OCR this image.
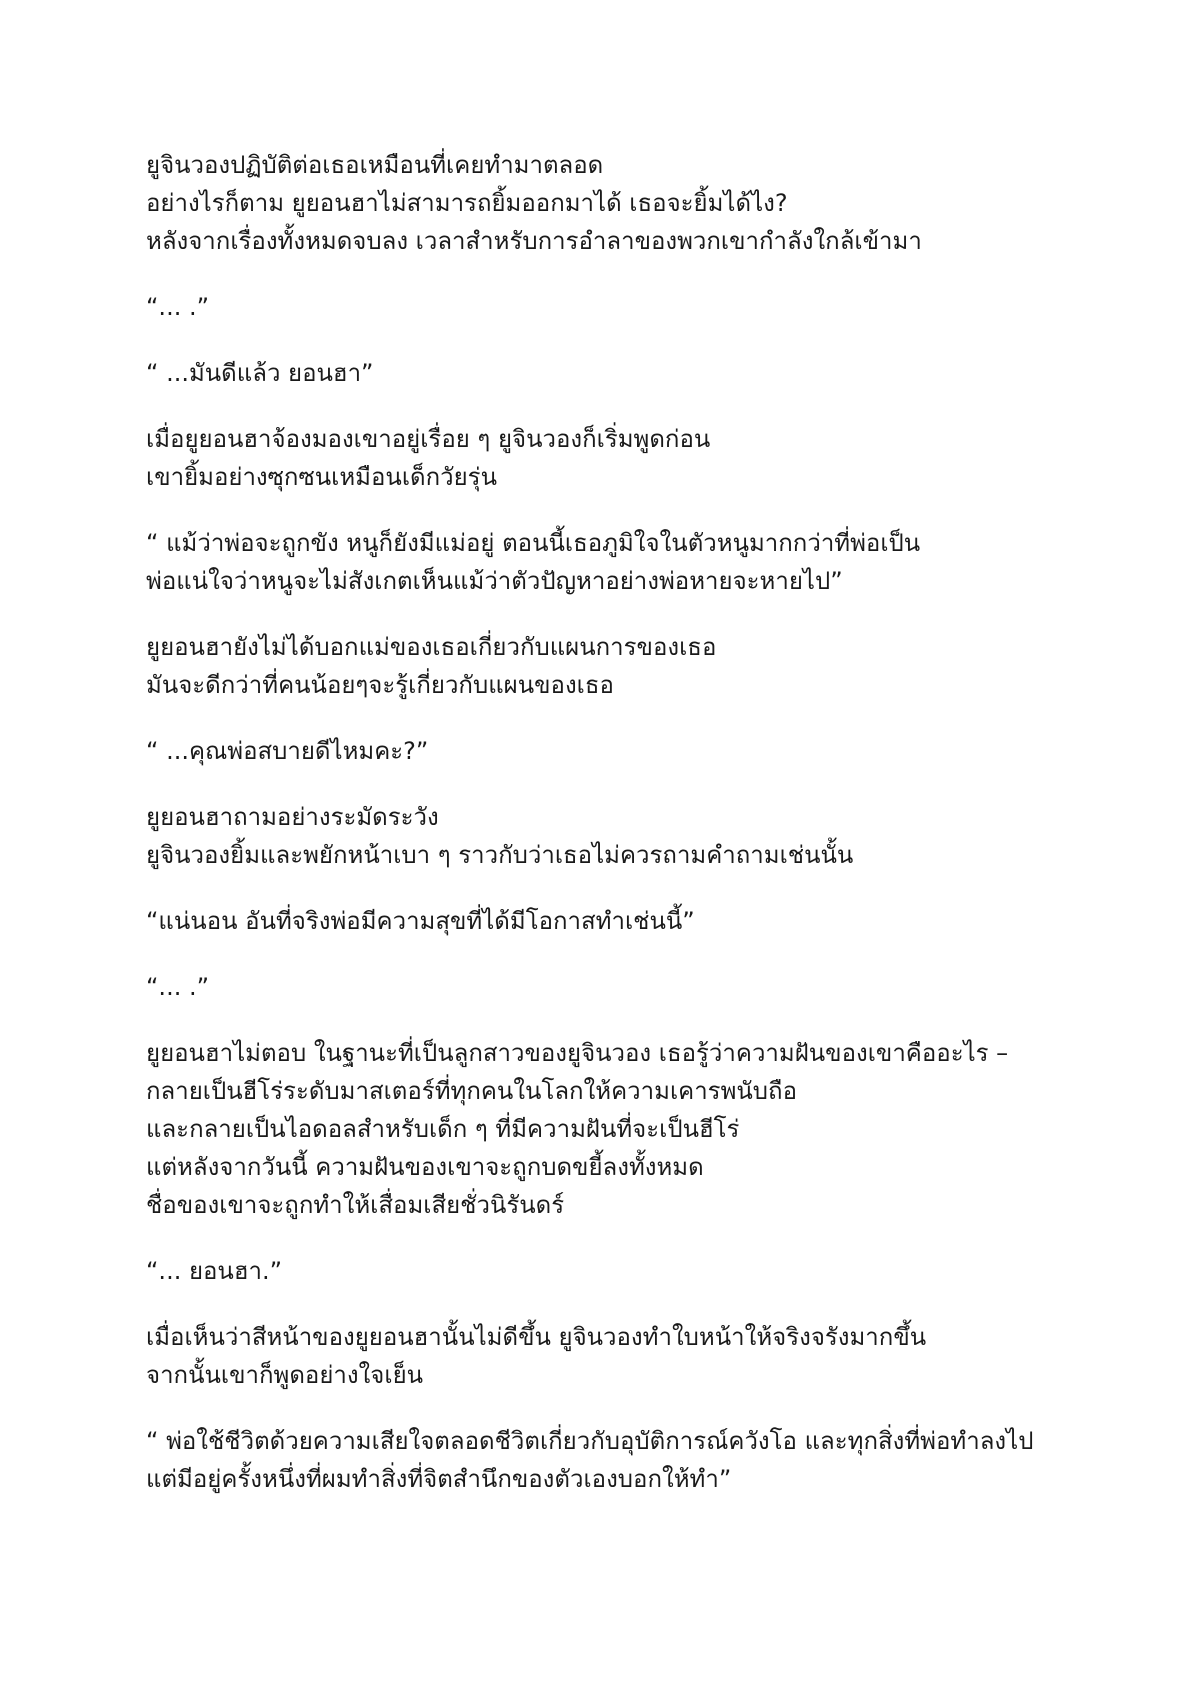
ยูจินวองปฏิบัติต่อเธอเหมือนที่เคยทำมาตลอด
อย่างไรก็ตาม ยูยอนฮาไม่สามารถยิ้มออกมาได้ เธอจะยิ้มได้ไง?
หลังจากเรื่องทั้งหมดจบลง เวลาสำหรับการอำลาของพวกเขากำลังใกล้เข้ามา
“... .”
“ ...มันดีแล้ว ยอนฮา”
เมื่อยูยอนฮาจ้องมองเขาอยู่เรื่อย ๆ ยูจินวองก็เริ่มพูดก่อน
เขายิ้มอย่างซุกซนเหมือนเด็กวัยรุ่น
“ แม้ว่าพ่อจะถูกขัง หนูก็ยังมีแม่อยู่ ตอนนี้เธอภูมิใจในตัวหนูมากกว่าที่พ่อเป็น
พ่อแน่ใจว่าหนูจะไม่สังเกตเห็นแม้ว่าตัวปัญหาอย่างพ่อหายจะหายไป”
ยูยอนฮายังไม่ได้บอกแม่ของเธอเกี่ยวกับแผนการของเธอ
มันจะดีกว่าที่คนน้อยๆจะรู้เกี่ยวกับแผนของเธอ
“ ...คุณพ่อสบายดีไหมคะ?”
ยูยอนฮาถามอย่างระมัดระวัง
ยูจินวองยิ้มและพยักหน้าเบา ๆ ราวกับว่าเธอไม่ควรถามคำถามเช่นนั้น
“แน่นอน อันที่จริงพ่อมีความสุขที่ได้มีโอกาสทำเช่นนี้”
“... .”
ยูยอนฮาไม่ตอบ ในฐานะที่เป็นลูกสาวของยูจินวอง เธอรู้ว่าความฝันของเขาคืออะไร –
กลายเป็นฮีโร่ระดับมาสเตอร์ที่ทุกคนในโลกให้ความเคารพนับถือ
และกลายเป็นไอดอลสำหรับเด็ก ๆ ที่มีความฝันที่จะเป็นฮีโร่
แต่หลังจากวันนี้ ความฝันของเขาจะถูกบดขยี้ลงทั้งหมด
ชื่อของเขาจะถูกทำให้เสื่อมเสียชั่วนิรันดร์
“... ยอนฮา.”
เมื่อเห็นว่าสีหน้าของยูยอนฮานั้นไม่ดีขึ้น ยูจินวองทำใบหน้าให้จริงจรังมากขึ้น
จากนั้นเขาก็พูดอย่างใจเย็น
“ พ่อใช้ชีวิตด้วยความเสียใจตลอดชีวิตเกี่ยวกับอุบัติการณ์ควังโอ และทุกสิ่งที่พ่อทำลงไป
แต่มีอยู่ครั้งหนึ่งที่ผมทำสิ่งที่จิตสำนึกของตัวเองบอกให้ทำ”
